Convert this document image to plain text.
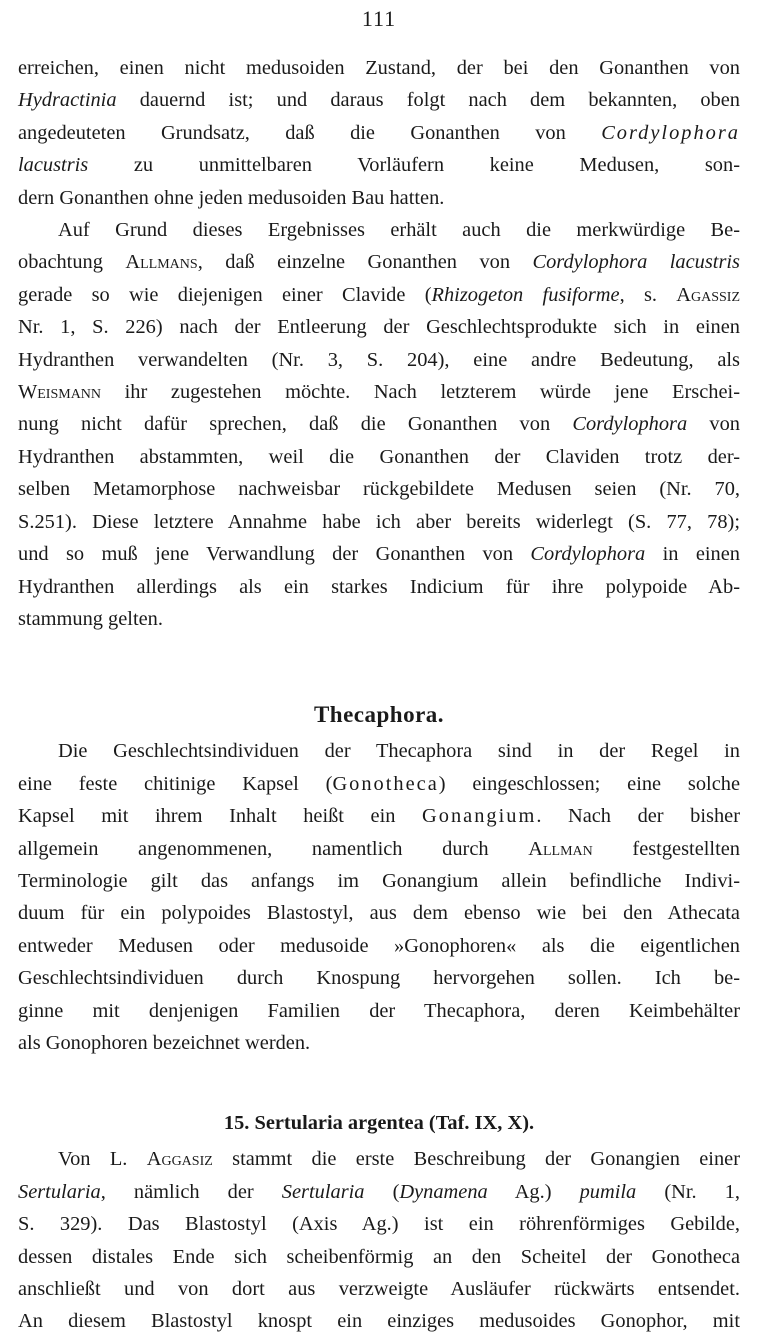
111

erreichen, einen nicht medusoiden Zustand, der bei den Gonanthen von
Hydractinia dauernd ist; und daraus folgt nach dem bekannten, oben
angedeuteten Grundsatz, daß die Gonanthen von Cordylophora
lacustris zu unmittelbaren Vorläufern keine Medusen, son-
dern Gonanthen ohne jeden medusoiden Bau hatten.

Auf Grund dieses Ergebnisses erhält auch die merkwürdige Be-
obachtung Allmans, daß einzelne Gonanthen von Cordylophora lacustris
gerade so wie diejenigen einer Clavide (Rhizogeton fusiforme, s. Agassiz
Nr. 1, S. 226) nach der Entleerung der Geschlechtsprodukte sich in einen
Hydranthen verwandelten (Nr. 3, S. 204), eine andre Bedeutung, als
Weismann ihr zugestehen möchte. Nach letzterem würde jene Erschei-
nung nicht dafür sprechen, daß die Gonanthen von Cordylophora von
Hydranthen abstammten, weil die Gonanthen der Claviden trotz der-
selben Metamorphose nachweisbar rückgebildete Medusen seien (Nr. 70,
S.251). Diese letztere Annahme habe ich aber bereits widerlegt (S. 77, 78);
und so muß jene Verwandlung der Gonanthen von Cordylophora in einen
Hydranthen allerdings als ein starkes Indicium für ihre polypoide Ab-
stammung gelten.

Thecaphora.

Die Geschlechtsindividuen der Thecaphora sind in der Regel in
eine feste chitinige Kapsel (Gonotheca) eingeschlossen; eine solche
Kapsel mit ihrem Inhalt heißt ein Gonangium. Nach der bisher
allgemein angenommenen, namentlich durch Allman festgestellten
Terminologie gilt das anfangs im Gonangium allein befindliche Indivi-
duum für ein polypoides Blastostyl, aus dem ebenso wie bei den Athecata
entweder Medusen oder medusoide »Gonophoren« als die eigentlichen
Geschlechtsindividuen durch Knospung hervorgehen sollen. Ich be-
ginne mit denjenigen Familien der Thecaphora, deren Keimbehälter
als Gonophoren bezeichnet werden.

15. Sertularia argentea (Taf. IX, X).

Von L. Aggasiz stammt die erste Beschreibung der Gonangien einer
Sertularia, nämlich der Sertularia (Dynamena Ag.) pumila (Nr. 1,
S. 329). Das Blastostyl (Axis Ag.) ist ein röhrenförmiges Gebilde,
dessen distales Ende sich scheibenförmig an den Scheitel der Gonotheca
anschließt und von dort aus verzweigte Ausläufer rückwärts entsendet.
An diesem Blastostyl knospt ein einziges medusoides Gonophor, mit
